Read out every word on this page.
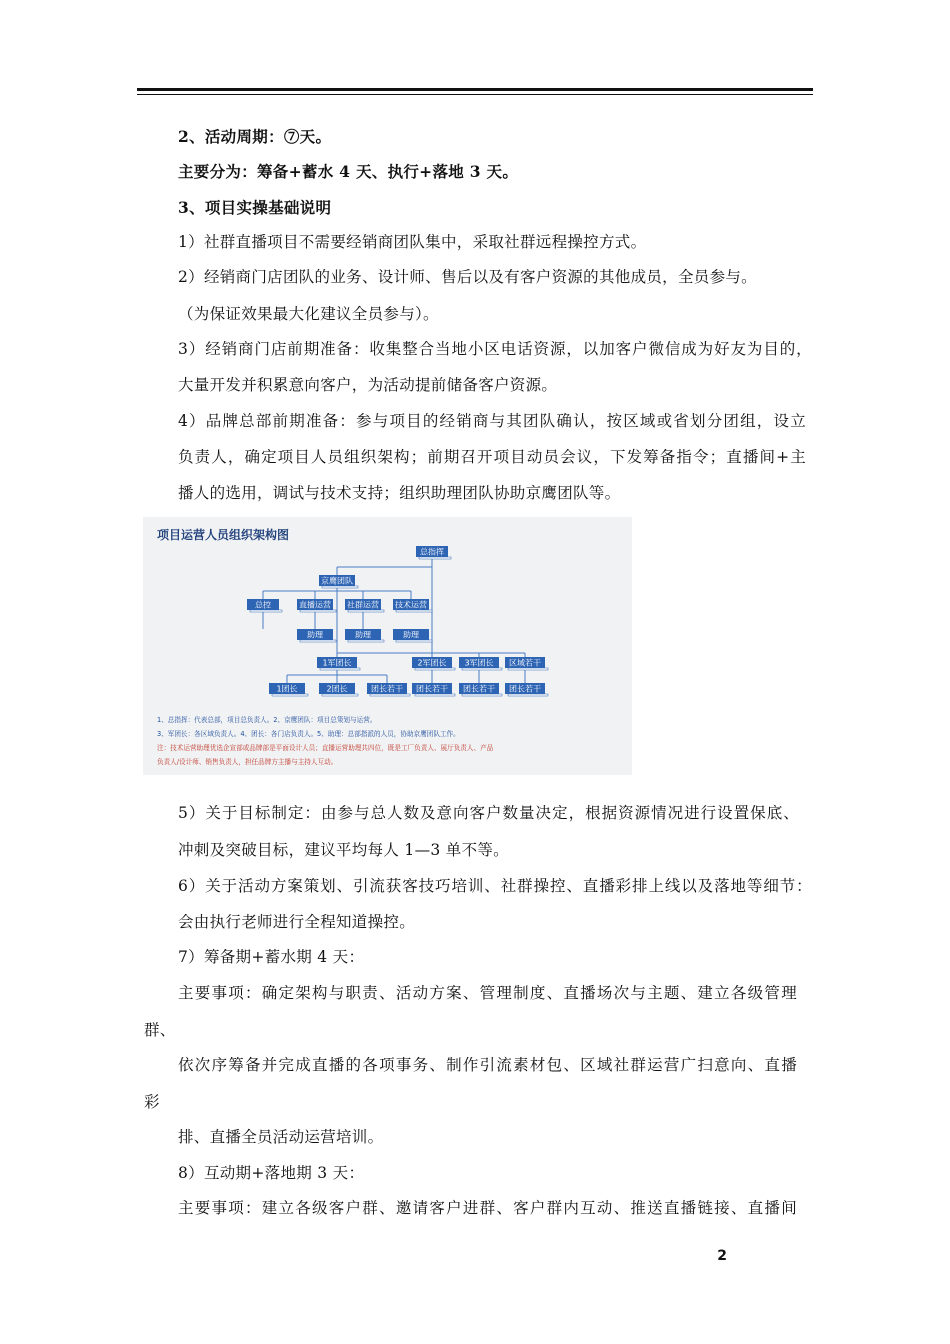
2、活动周期：⑦天。
主要分为：筹备+蓄水 4 天、执行+落地 3 天。
3、项目实操基础说明
1）社群直播项目不需要经销商团队集中，采取社群远程操控方式。
2）经销商门店团队的业务、设计师、售后以及有客户资源的其他成员，全员参与。
（为保证效果最大化建议全员参与）。
3）经销商门店前期准备：收集整合当地小区电话资源，以加客户微信成为好友为目的，
大量开发并积累意向客户，为活动提前储备客户资源。
4）品牌总部前期准备：参与项目的经销商与其团队确认，按区域或省划分团组，设立
负责人，确定项目人员组织架构；前期召开项目动员会议，下发筹备指令；直播间+主
播人的选用，调试与技术支持；组织助理团队协助京鹰团队等。
项目运营人员组织架构图
总指挥
京鹰团队
总控	直播运营 社群运营 技术运营
助理	助理	助理
1军团长	2军团长 3军团长 区域若干
1团长	2团长	团长若干 团长若干 团长若干 团长若干
1、总指挥：代表总部，项目总负责人。2、京鹰团队：项目总策划与运营。
3、军团长：各区域负责人。4、团长：各门店负责人。5、助理：总部指派的人员，协助京鹰团队工作。
注：技术运营助理优选企宣部或品牌部是平面设计人员；直播运营助理共四位，既是工厂负责人、展厅负责人、产品
负责人/设计师、销售负责人，担任品牌方主播与主持人互动。
5）关于目标制定：由参与总人数及意向客户数量决定，根据资源情况进行设置保底、
冲刺及突破目标，建议平均每人 1—3 单不等。
6）关于活动方案策划、引流获客技巧培训、社群操控、直播彩排上线以及落地等细节：
会由执行老师进行全程知道操控。
7）筹备期+蓄水期 4 天：
主要事项：确定架构与职责、活动方案、管理制度、直播场次与主题、建立各级管理
群、
依次序筹备并完成直播的各项事务、制作引流素材包、区域社群运营广扫意向、直播
彩
排、直播全员活动运营培训。
8）互动期+落地期 3 天：
主要事项：建立各级客户群、邀请客户进群、客户群内互动、推送直播链接、直播间
2
